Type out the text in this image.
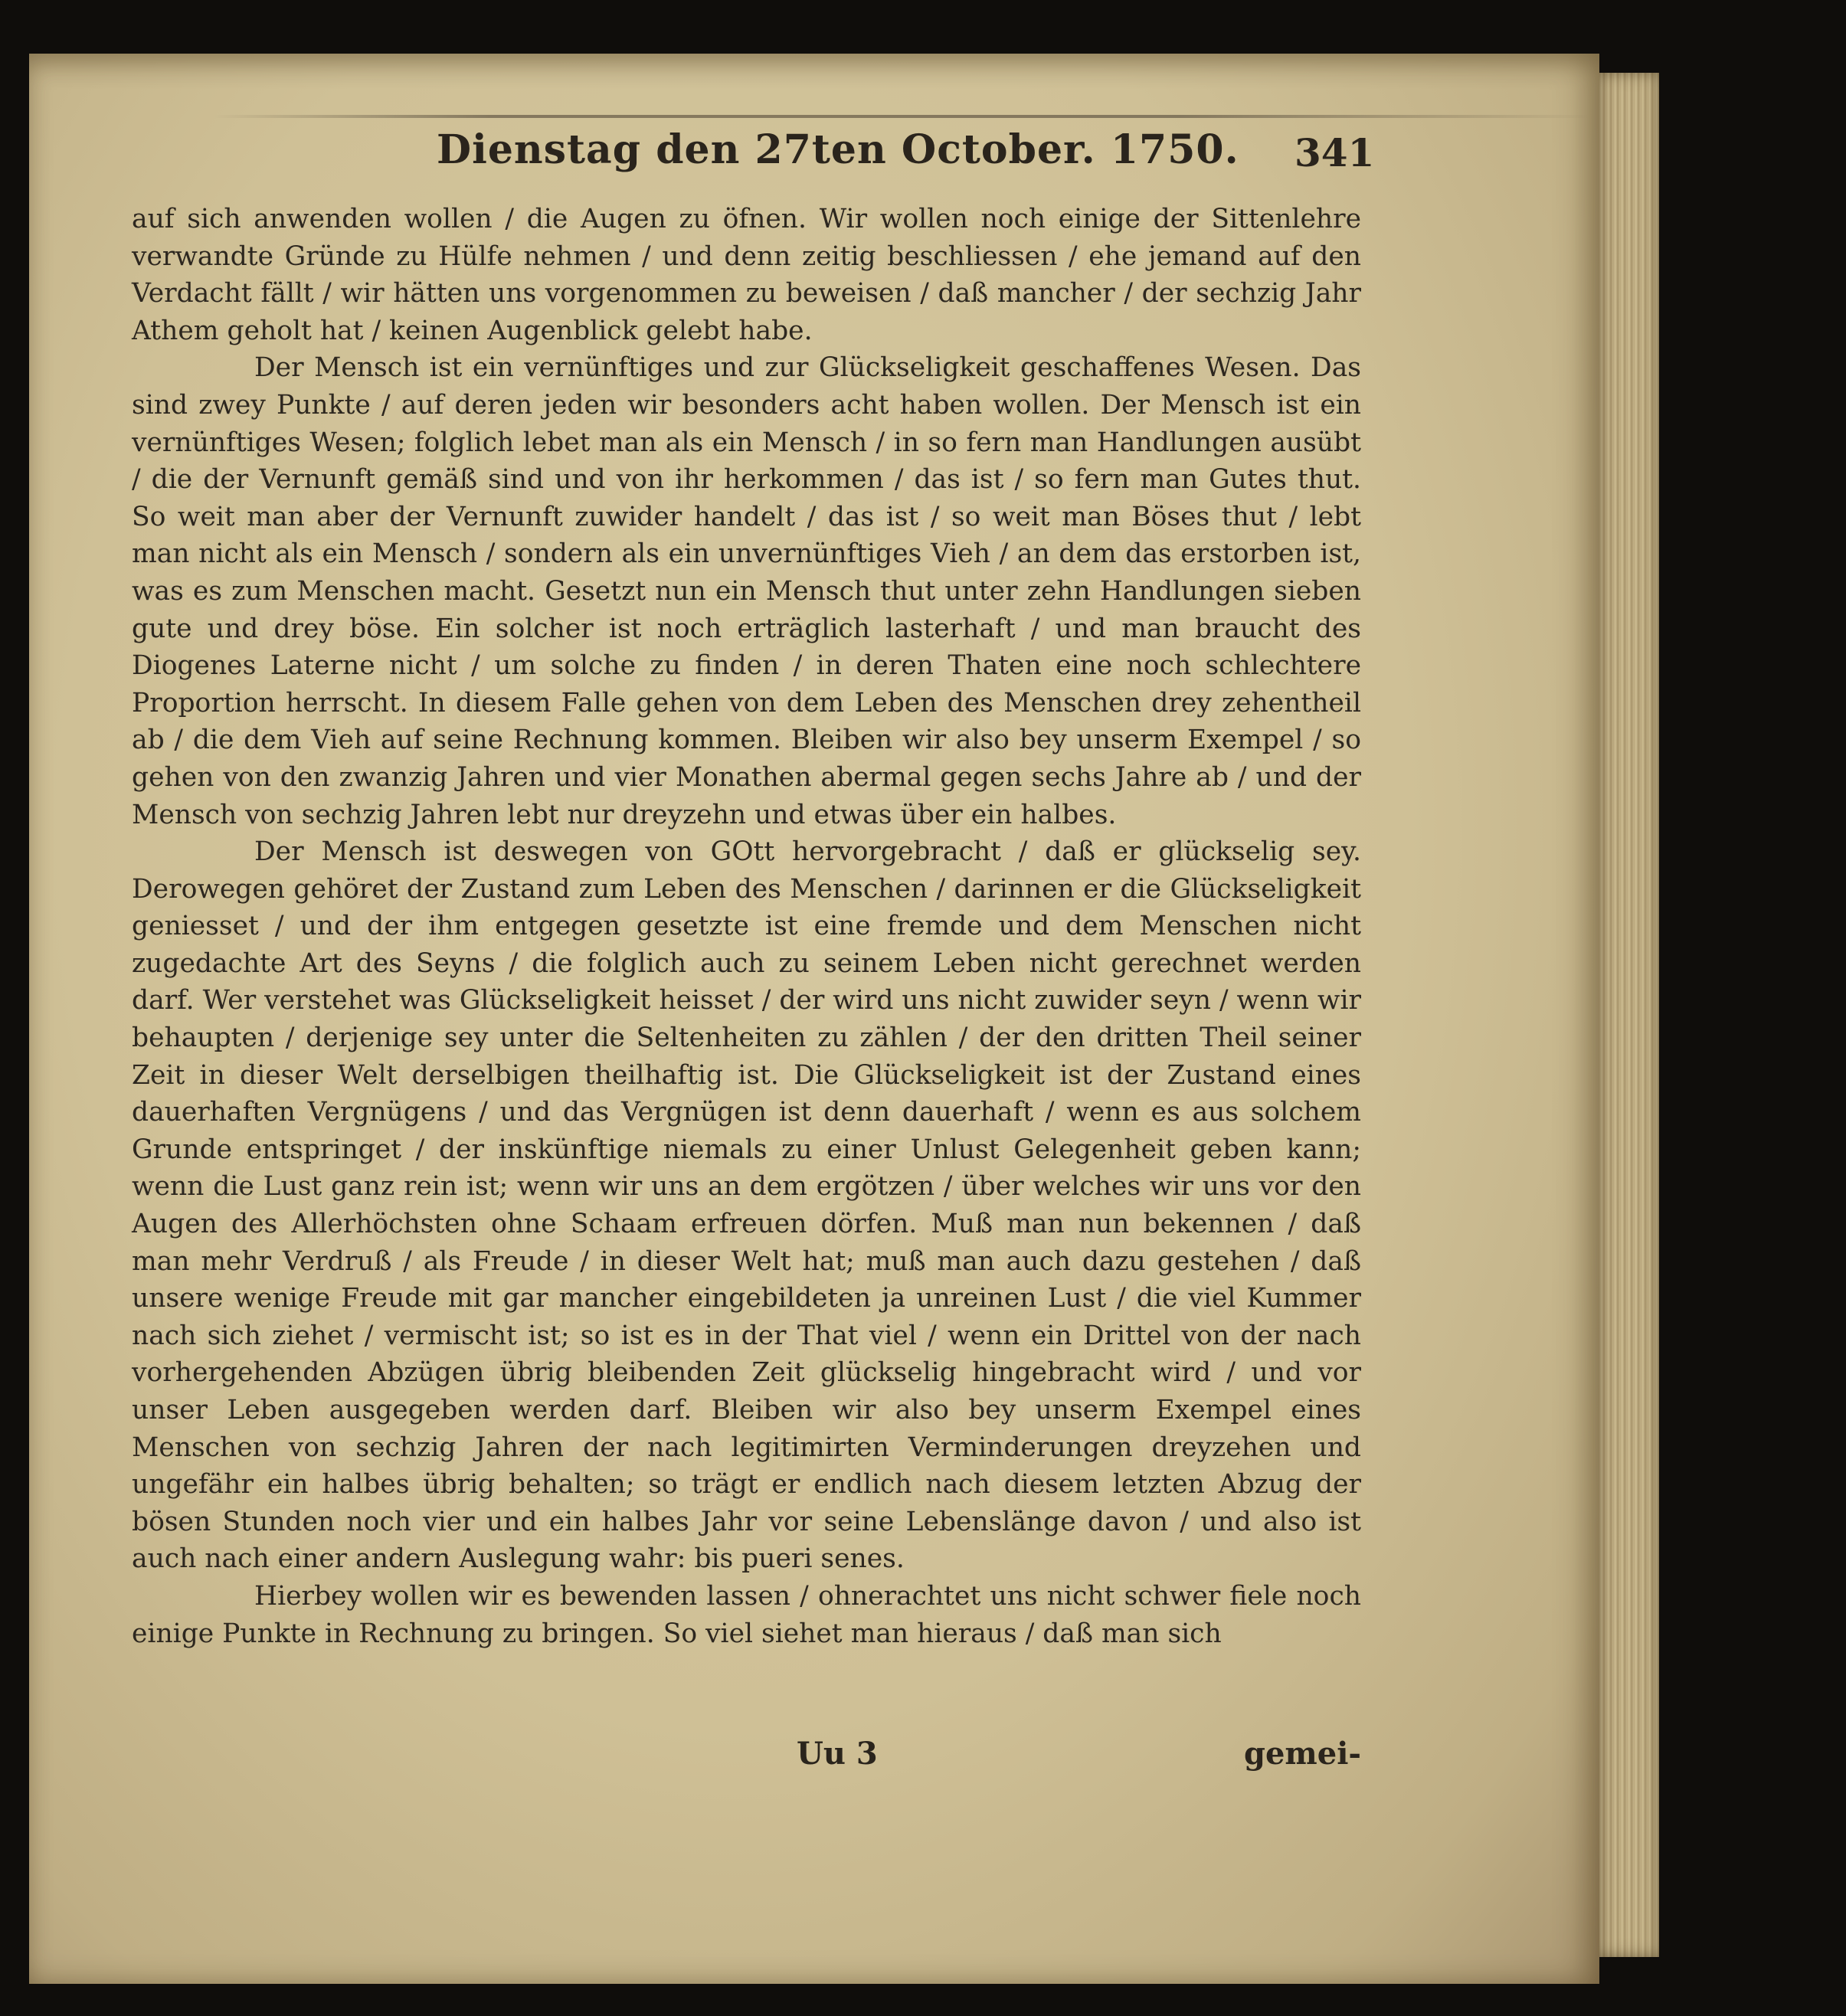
Dienstag den 27ten October. 1750.	341

auf sich anwenden wollen / die Augen zu öfnen. Wir wollen noch einige der Sittenlehre verwandte Gründe zu Hülfe nehmen / und denn zeitig beschliessen / ehe jemand auf den Verdacht fällt / wir hätten uns vorgenommen zu beweisen / daß mancher / der sechzig Jahr Athem geholt hat / keinen Augenblick gelebt habe.

Der Mensch ist ein vernünftiges und zur Glückseligkeit geschaffenes Wesen. Das sind zwey Punkte / auf deren jeden wir besonders acht haben wollen. Der Mensch ist ein vernünftiges Wesen; folglich lebet man als ein Mensch / in so fern man Handlungen ausübt / die der Vernunft gemäß sind und von ihr herkommen / das ist / so fern man Gutes thut. So weit man aber der Vernunft zuwider handelt / das ist / so weit man Böses thut / lebt man nicht als ein Mensch / sondern als ein unvernünftiges Vieh / an dem das erstorben ist, was es zum Menschen macht. Gesetzt nun ein Mensch thut unter zehn Handlungen sieben gute und drey böse. Ein solcher ist noch erträglich lasterhaft / und man braucht des Diogenes Laterne nicht / um solche zu finden / in deren Thaten eine noch schlechtere Proportion herrscht. In diesem Falle gehen von dem Leben des Menschen drey zehentheil ab / die dem Vieh auf seine Rechnung kommen. Bleiben wir also bey unserm Exempel / so gehen von den zwanzig Jahren und vier Monathen abermal gegen sechs Jahre ab / und der Mensch von sechzig Jahren lebt nur dreyzehn und etwas über ein halbes.

Der Mensch ist deswegen von GOtt hervorgebracht / daß er glückselig sey. Derowegen gehöret der Zustand zum Leben des Menschen / darinnen er die Glückseligkeit geniesset / und der ihm entgegen gesetzte ist eine fremde und dem Menschen nicht zugedachte Art des Seyns / die folglich auch zu seinem Leben nicht gerechnet werden darf. Wer verstehet was Glückseligkeit heisset / der wird uns nicht zuwider seyn / wenn wir behaupten / derjenige sey unter die Seltenheiten zu zählen / der den dritten Theil seiner Zeit in dieser Welt derselbigen theilhaftig ist. Die Glückseligkeit ist der Zustand eines dauerhaften Vergnügens / und das Vergnügen ist denn dauerhaft / wenn es aus solchem Grunde entspringet / der inskünftige niemals zu einer Unlust Gelegenheit geben kann; wenn die Lust ganz rein ist; wenn wir uns an dem ergötzen / über welches wir uns vor den Augen des Allerhöchsten ohne Schaam erfreuen dörfen. Muß man nun bekennen / daß man mehr Verdruß / als Freude / in dieser Welt hat; muß man auch dazu gestehen / daß unsere wenige Freude mit gar mancher eingebildeten ja unreinen Lust / die viel Kummer nach sich ziehet / vermischt ist; so ist es in der That viel / wenn ein Drittel von der nach vorhergehenden Abzügen übrig bleibenden Zeit glückselig hingebracht wird / und vor unser Leben ausgegeben werden darf. Bleiben wir also bey unserm Exempel eines Menschen von sechzig Jahren der nach legitimirten Verminderungen dreyzehen und ungefähr ein halbes übrig behalten; so trägt er endlich nach diesem letzten Abzug der bösen Stunden noch vier und ein halbes Jahr vor seine Lebenslänge davon / und also ist auch nach einer andern Auslegung wahr: bis pueri senes.

Hierbey wollen wir es bewenden lassen / ohnerachtet uns nicht schwer fiele noch einige Punkte in Rechnung zu bringen. So viel siehet man hieraus / daß man sich

Uu 3	gemei-
